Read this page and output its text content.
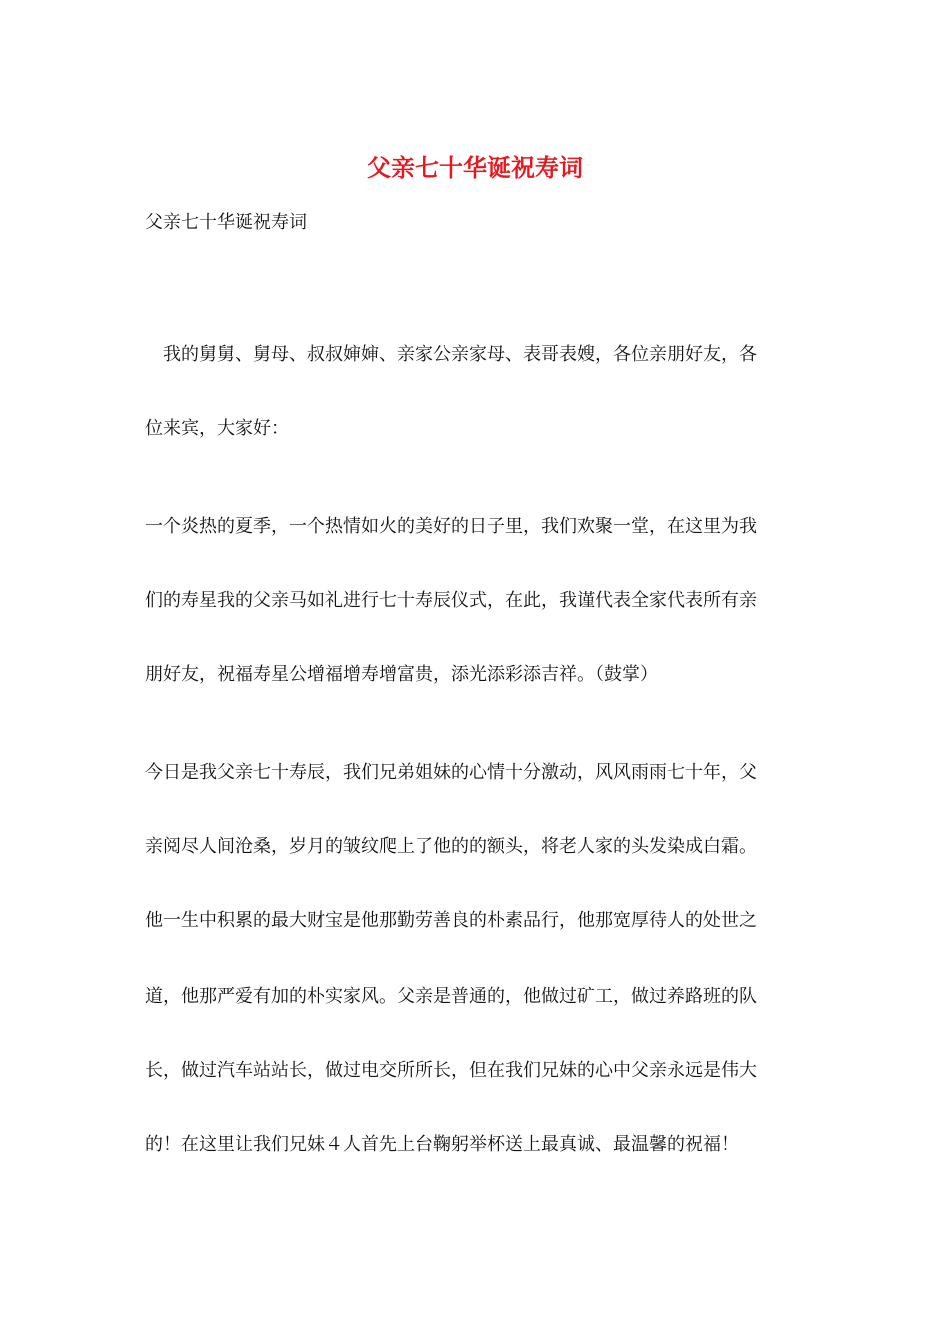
父亲七十华诞祝寿词

父亲七十华诞祝寿词

　我的舅舅、舅母、叔叔婶婶、亲家公亲家母、表哥表嫂，各位亲朋好友，各

位来宾，大家好：

一个炎热的夏季，一个热情如火的美好的日子里，我们欢聚一堂，在这里为我

们的寿星我的父亲马如礼进行七十寿辰仪式，在此，我谨代表全家代表所有亲

朋好友，祝福寿星公增福增寿增富贵，添光添彩添吉祥。（鼓掌）

今日是我父亲七十寿辰，我们兄弟姐妹的心情十分激动，风风雨雨七十年，父

亲阅尽人间沧桑，岁月的皱纹爬上了他的的额头，将老人家的头发染成白霜。

他一生中积累的最大财宝是他那勤劳善良的朴素品行，他那宽厚待人的处世之

道，他那严爱有加的朴实家风。父亲是普通的，他做过矿工，做过养路班的队

长，做过汽车站站长，做过电交所所长，但在我们兄妹的心中父亲永远是伟大

的！在这里让我们兄妹４人首先上台鞠躬举杯送上最真诚、最温馨的祝福！
